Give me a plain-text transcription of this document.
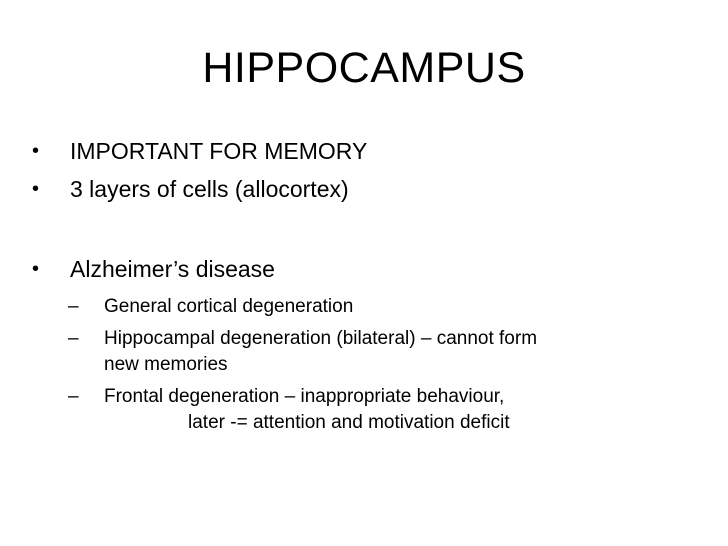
HIPPOCAMPUS
• IMPORTANT FOR MEMORY
• 3 layers of cells (allocortex)
• Alzheimer’s disease
– General cortical degeneration
– Hippocampal degeneration (bilateral) – cannot form
new memories
– Frontal degeneration – inappropriate behaviour,
later -= attention and motivation deficit
